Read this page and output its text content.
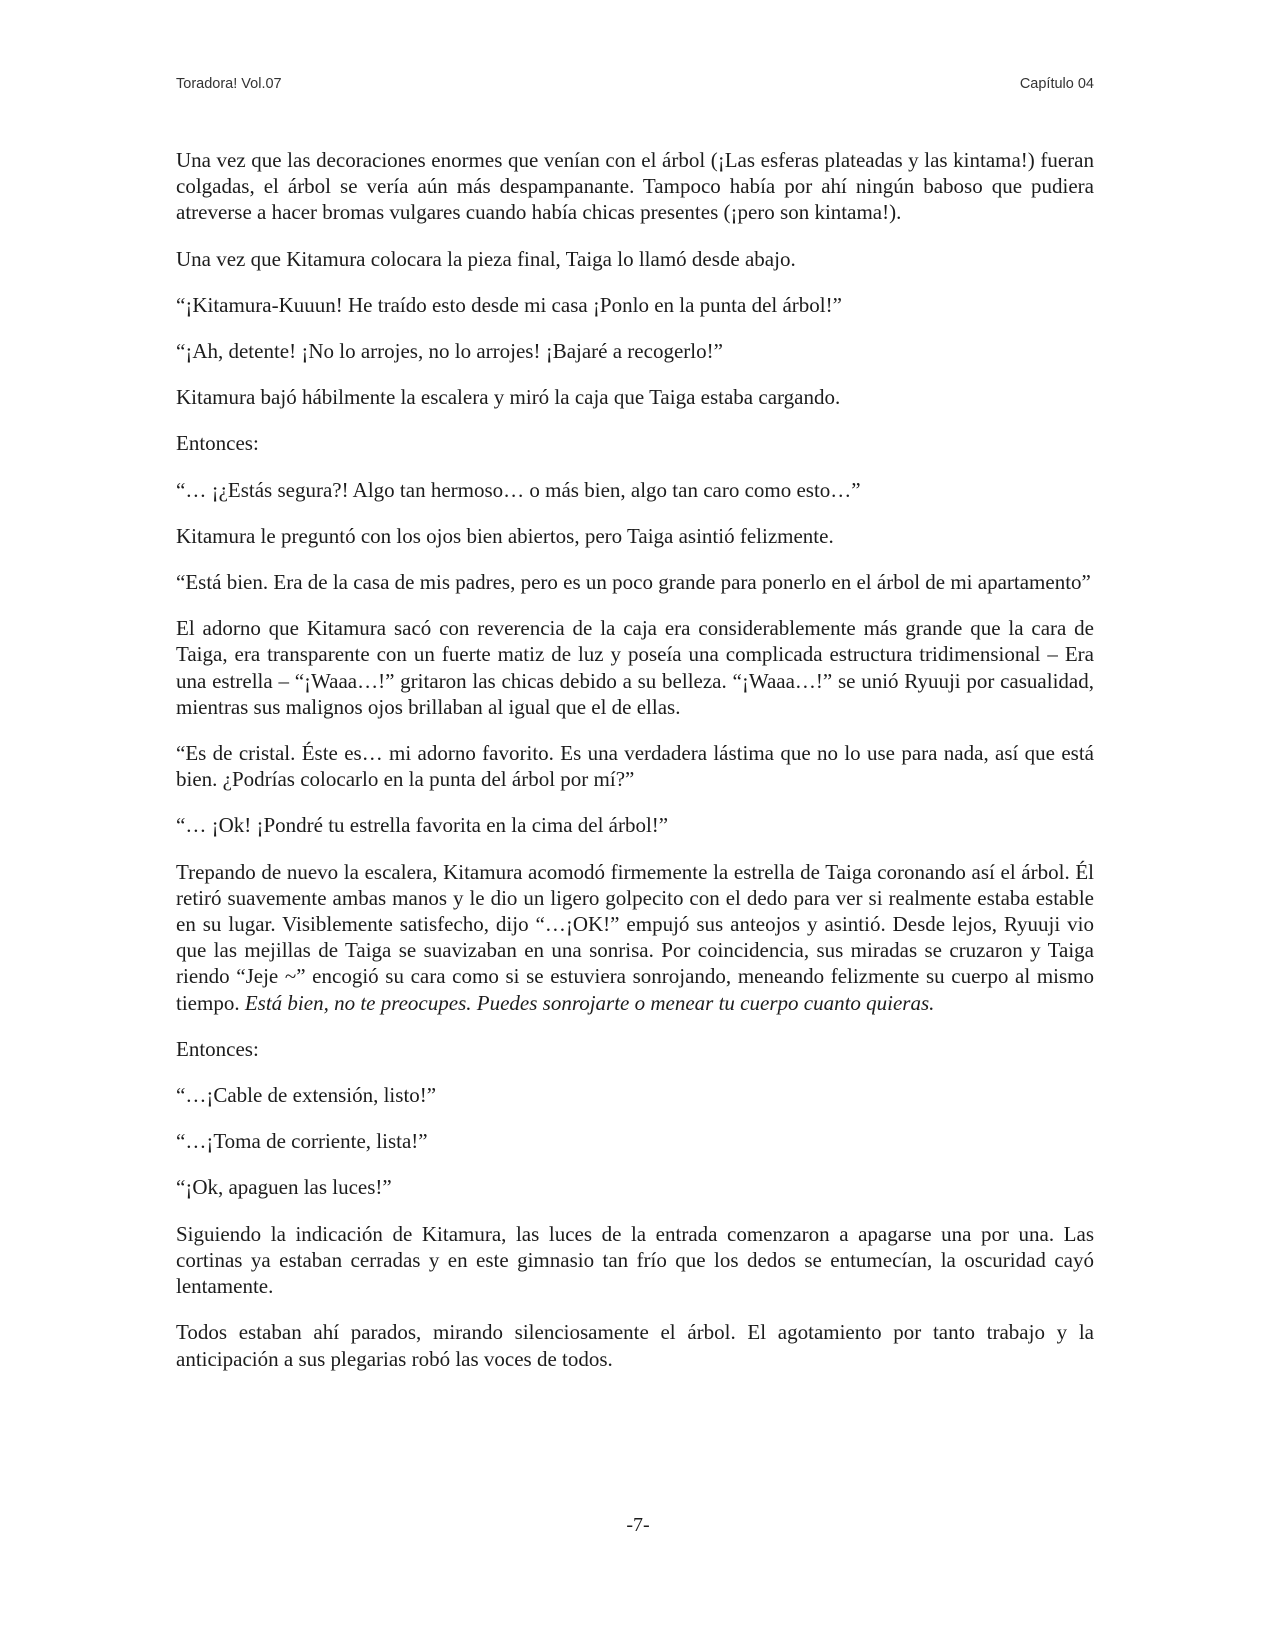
Toradora! Vol.07	Capítulo 04

Una vez que las decoraciones enormes que venían con el árbol (¡Las esferas plateadas y las kintama!) fueran colgadas, el árbol se vería aún más despampanante. Tampoco había por ahí ningún baboso que pudiera atreverse a hacer bromas vulgares cuando había chicas presentes (¡pero son kintama!).

Una vez que Kitamura colocara la pieza final, Taiga lo llamó desde abajo.

“¡Kitamura-Kuuun! He traído esto desde mi casa ¡Ponlo en la punta del árbol!”

“¡Ah, detente! ¡No lo arrojes, no lo arrojes! ¡Bajaré a recogerlo!”

Kitamura bajó hábilmente la escalera y miró la caja que Taiga estaba cargando.

Entonces:

“… ¡¿Estás segura?! Algo tan hermoso… o más bien, algo tan caro como esto…”

Kitamura le preguntó con los ojos bien abiertos, pero Taiga asintió felizmente.

“Está bien. Era de la casa de mis padres, pero es un poco grande para ponerlo en el árbol de mi apartamento”

El adorno que Kitamura sacó con reverencia de la caja era considerablemente más grande que la cara de Taiga, era transparente con un fuerte matiz de luz y poseía una complicada estructura tridimensional – Era una estrella – “¡Waaa…!” gritaron las chicas debido a su belleza. “¡Waaa…!” se unió Ryuuji por casualidad, mientras sus malignos ojos brillaban al igual que el de ellas.

“Es de cristal. Éste es… mi adorno favorito. Es una verdadera lástima que no lo use para nada, así que está bien. ¿Podrías colocarlo en la punta del árbol por mí?”

“… ¡Ok! ¡Pondré tu estrella favorita en la cima del árbol!”

Trepando de nuevo la escalera, Kitamura acomodó firmemente la estrella de Taiga coronando así el árbol. Él retiró suavemente ambas manos y le dio un ligero golpecito con el dedo para ver si realmente estaba estable en su lugar. Visiblemente satisfecho, dijo “…¡OK!” empujó sus anteojos y asintió. Desde lejos, Ryuuji vio que las mejillas de Taiga se suavizaban en una sonrisa. Por coincidencia, sus miradas se cruzaron y Taiga riendo “Jeje ~” encogió su cara como si se estuviera sonrojando, meneando felizmente su cuerpo al mismo tiempo. Está bien, no te preocupes. Puedes sonrojarte o menear tu cuerpo cuanto quieras.

Entonces:

“…¡Cable de extensión, listo!”

“…¡Toma de corriente, lista!”

“¡Ok, apaguen las luces!”

Siguiendo la indicación de Kitamura, las luces de la entrada comenzaron a apagarse una por una. Las cortinas ya estaban cerradas y en este gimnasio tan frío que los dedos se entumecían, la oscuridad cayó lentamente.

Todos estaban ahí parados, mirando silenciosamente el árbol. El agotamiento por tanto trabajo y la anticipación a sus plegarias robó las voces de todos.

-7-
